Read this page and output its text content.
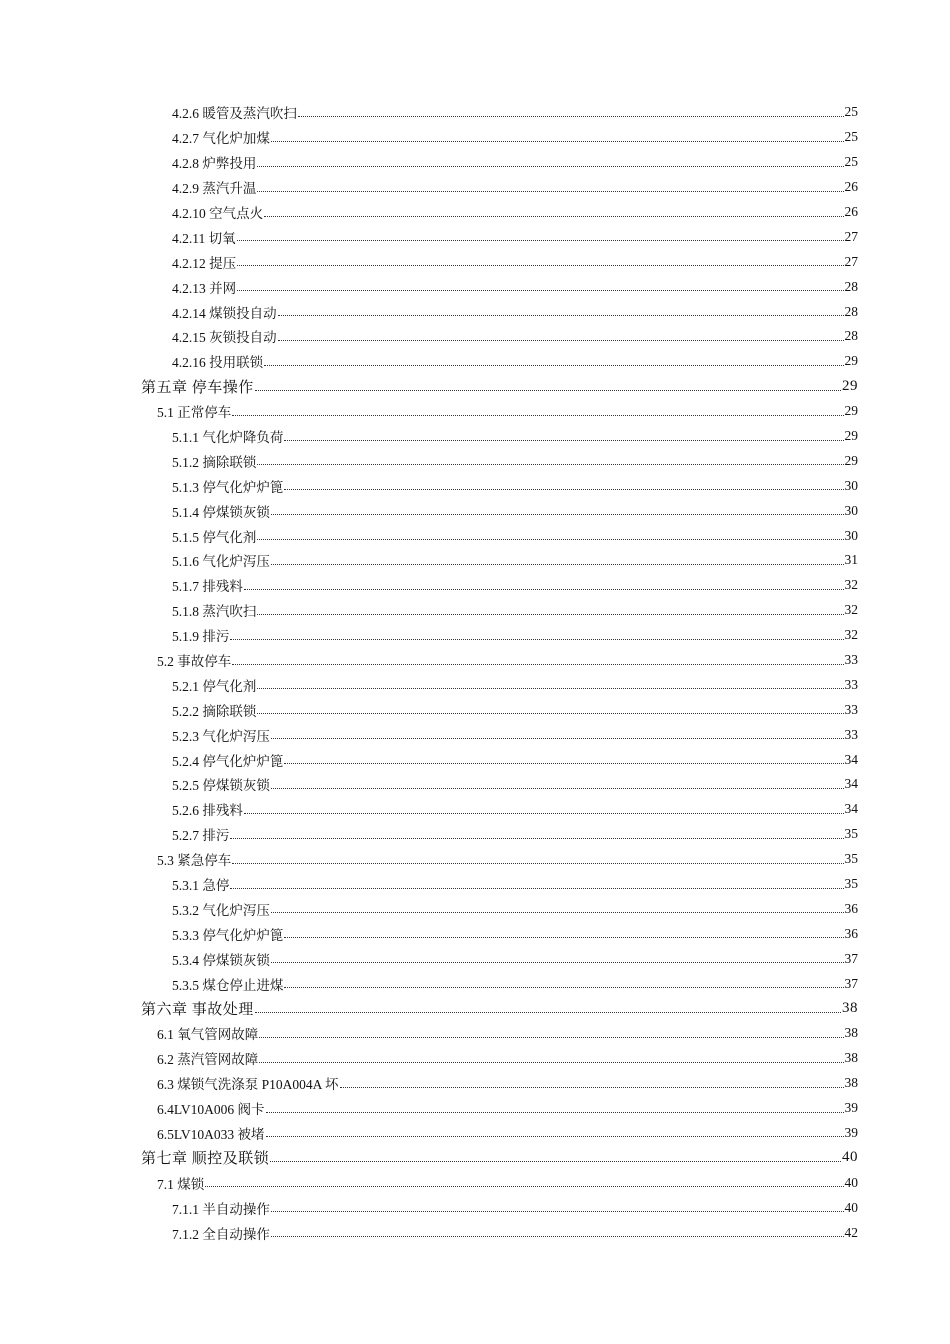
4.2.6 暖管及蒸汽吹扫	25
4.2.7 气化炉加煤	25
4.2.8 炉弊投用	25
4.2.9 蒸汽升温	26
4.2.10 空气点火	26
4.2.11 切氧	27
4.2.12 提压	27
4.2.13 并网	28
4.2.14 煤锁投自动	28
4.2.15 灰锁投自动	28
4.2.16 投用联锁	29
第五章 停车操作	29
5.1 正常停车	29
5.1.1 气化炉降负荷	29
5.1.2 摘除联锁	29
5.1.3 停气化炉炉篦	30
5.1.4 停煤锁灰锁	30
5.1.5 停气化剂	30
5.1.6 气化炉泻压	31
5.1.7 排残料	32
5.1.8 蒸汽吹扫	32
5.1.9 排污	32
5.2 事故停车	33
5.2.1 停气化剂	33
5.2.2 摘除联锁	33
5.2.3 气化炉泻压	33
5.2.4 停气化炉炉篦	34
5.2.5 停煤锁灰锁	34
5.2.6 排残料	34
5.2.7 排污	35
5.3 紧急停车	35
5.3.1 急停	35
5.3.2 气化炉泻压	36
5.3.3 停气化炉炉篦	36
5.3.4 停煤锁灰锁	37
5.3.5 煤仓停止进煤	37
第六章 事故处理	38
6.1 氧气管网故障	38
6.2 蒸汽管网故障	38
6.3 煤锁气洗涤泵 P10A004A 坏	38
6.4LV10A006 阀卡	39
6.5LV10A033 被堵	39
第七章 顺控及联锁	40
7.1 煤锁	40
7.1.1 半自动操作	40
7.1.2 全自动操作	42
